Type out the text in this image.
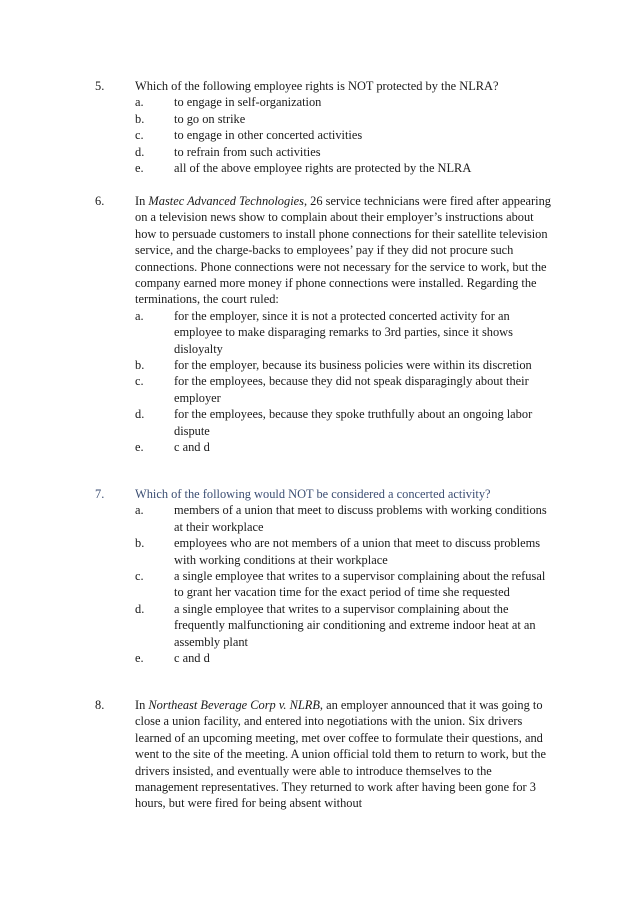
5. Which of the following employee rights is NOT protected by the NLRA?
a. to engage in self-organization
b. to go on strike
c. to engage in other concerted activities
d. to refrain from such activities
e. all of the above employee rights are protected by the NLRA
6. In Mastec Advanced Technologies, 26 service technicians were fired after appearing on a television news show to complain about their employer’s instructions about how to persuade customers to install phone connections for their satellite television service, and the charge-backs to employees’ pay if they did not procure such connections. Phone connections were not necessary for the service to work, but the company earned more money if phone connections were installed. Regarding the terminations, the court ruled:
a. for the employer, since it is not a protected concerted activity for an employee to make disparaging remarks to 3rd parties, since it shows disloyalty
b. for the employer, because its business policies were within its discretion
c. for the employees, because they did not speak disparagingly about their employer
d. for the employees, because they spoke truthfully about an ongoing labor dispute
e. c and d
7. Which of the following would NOT be considered a concerted activity?
a. members of a union that meet to discuss problems with working conditions at their workplace
b. employees who are not members of a union that meet to discuss problems with working conditions at their workplace
c. a single employee that writes to a supervisor complaining about the refusal to grant her vacation time for the exact period of time she requested
d. a single employee that writes to a supervisor complaining about the frequently malfunctioning air conditioning and extreme indoor heat at an assembly plant
e. c and d
8. In Northeast Beverage Corp v. NLRB, an employer announced that it was going to close a union facility, and entered into negotiations with the union. Six drivers learned of an upcoming meeting, met over coffee to formulate their questions, and went to the site of the meeting. A union official told them to return to work, but the drivers insisted, and eventually were able to introduce themselves to the management representatives. They returned to work after having been gone for 3 hours, but were fired for being absent without
